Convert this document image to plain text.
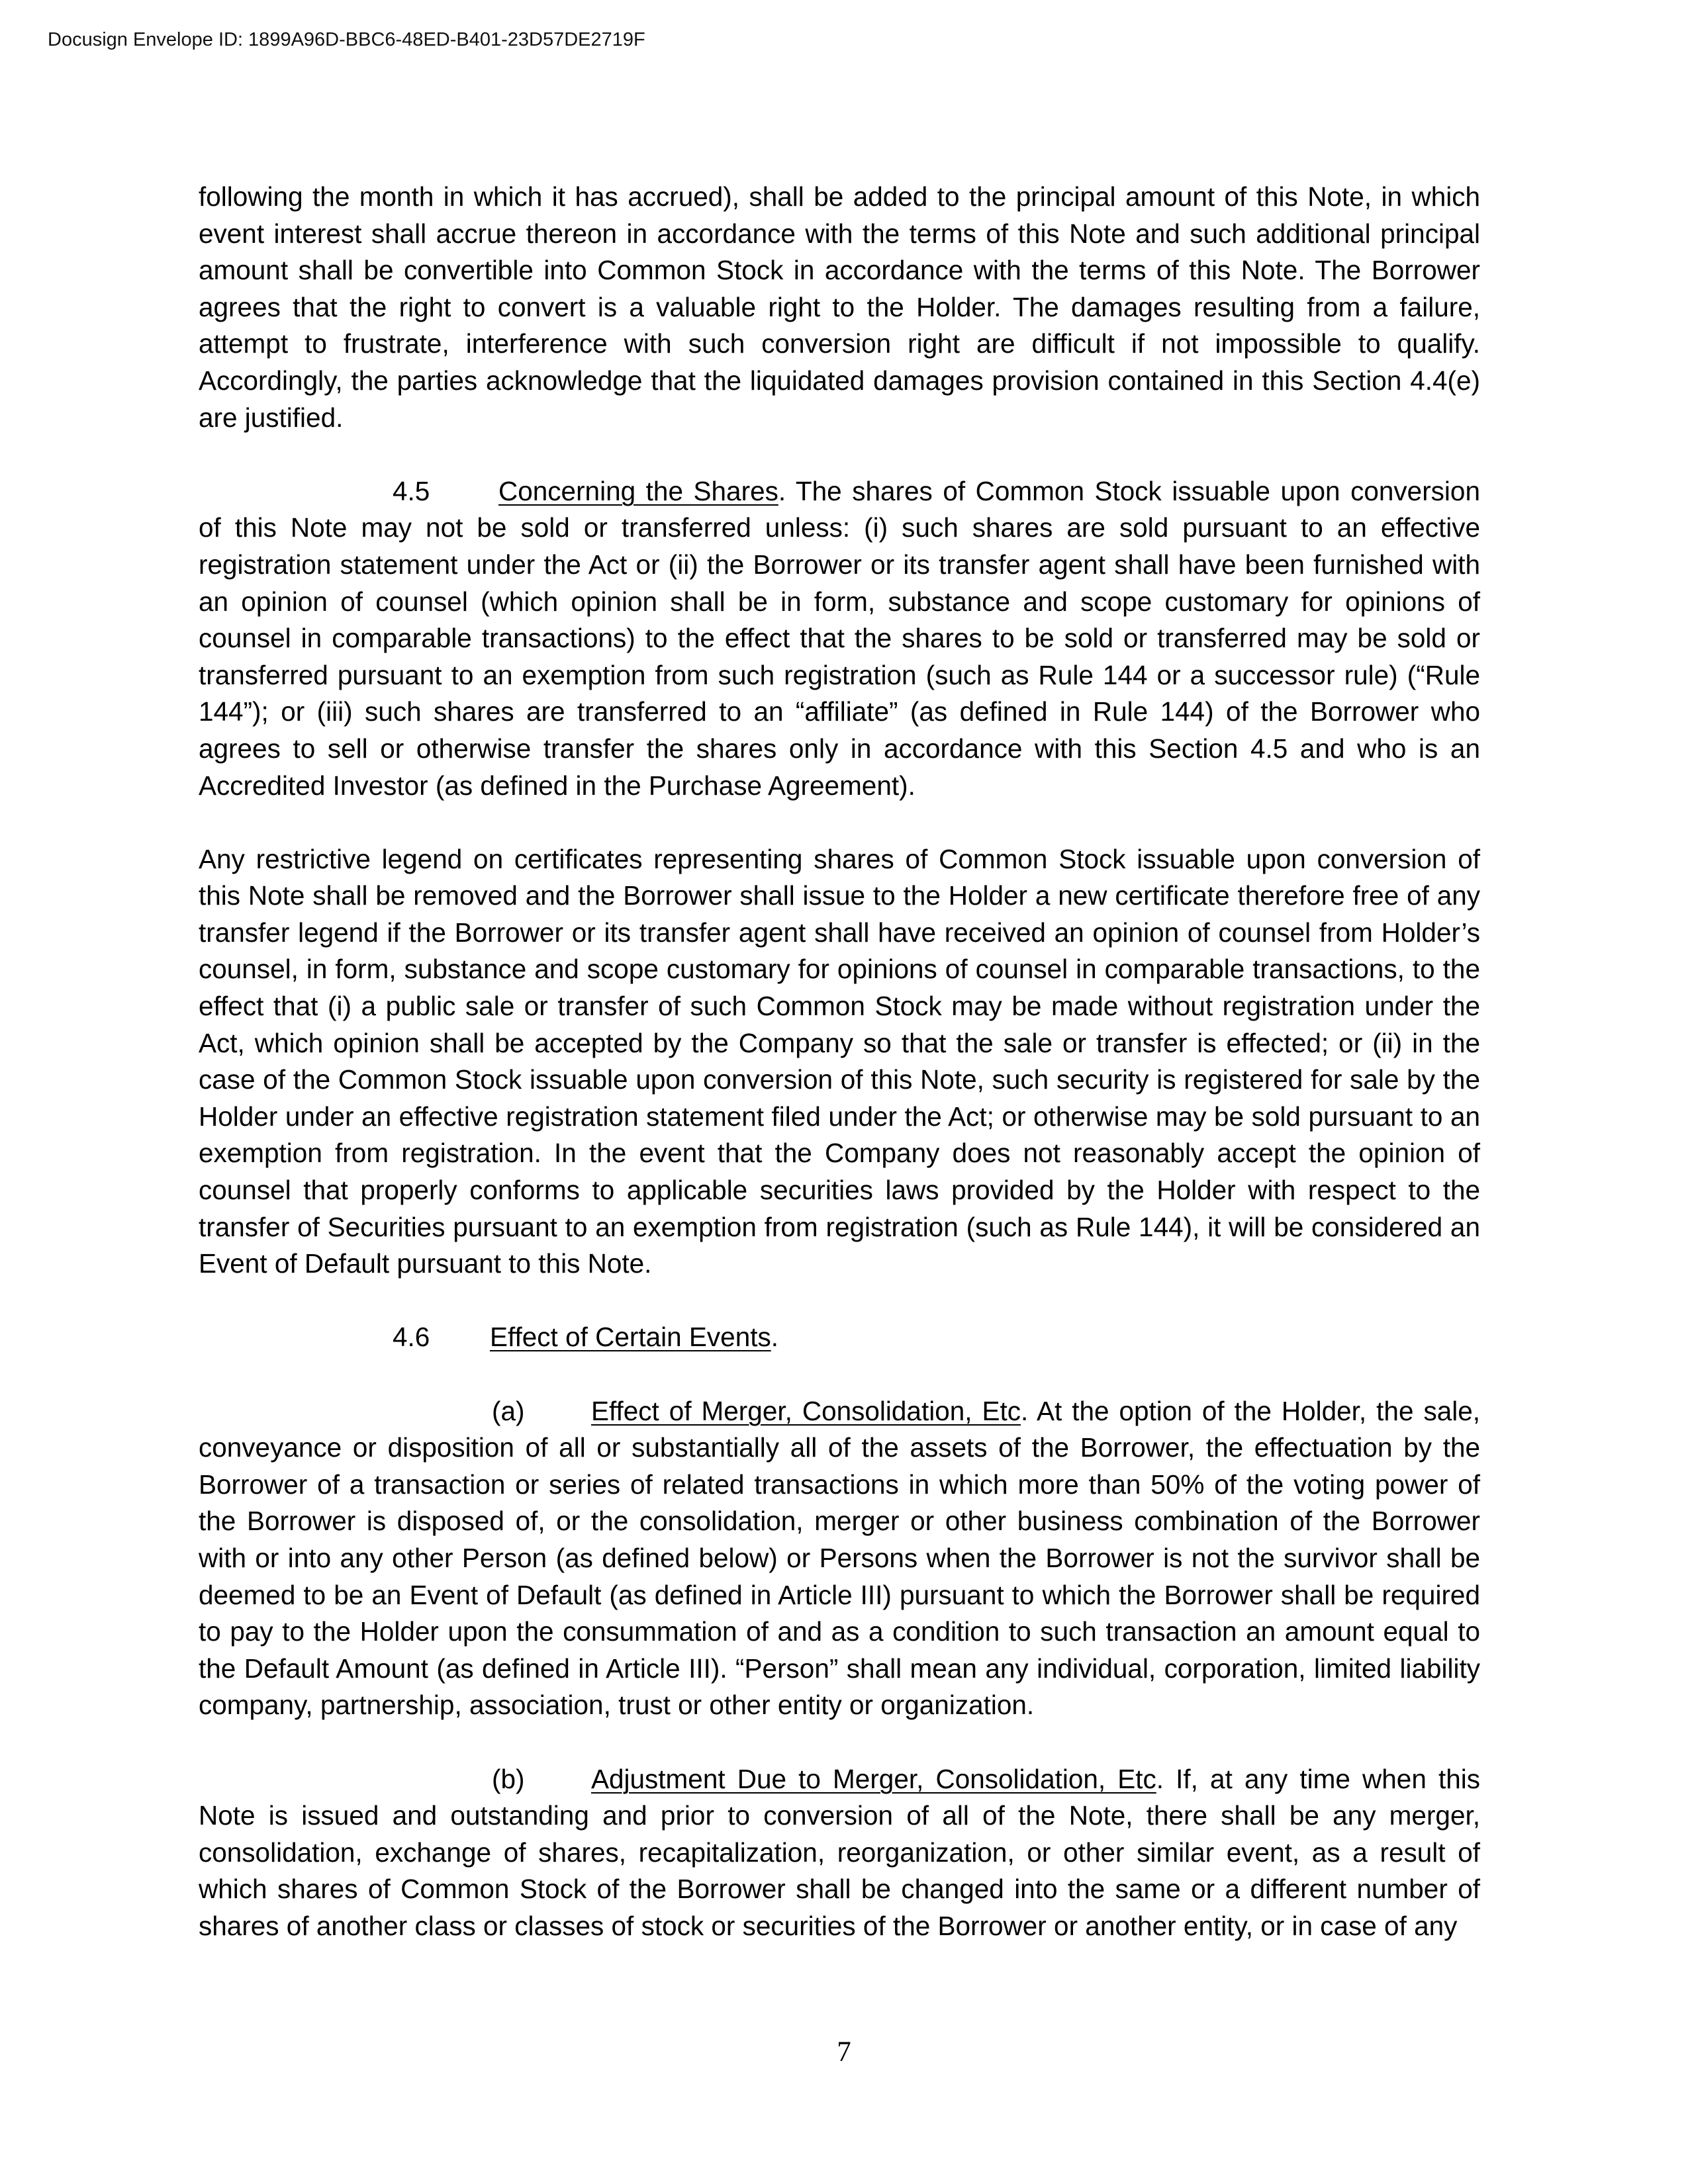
Docusign Envelope ID: 1899A96D-BBC6-48ED-B401-23D57DE2719F

following the month in which it has accrued), shall be added to the principal amount of this Note, in which event interest shall accrue thereon in accordance with the terms of this Note and such additional principal amount shall be convertible into Common Stock in accordance with the terms of this Note. The Borrower agrees that the right to convert is a valuable right to the Holder. The damages resulting from a failure, attempt to frustrate, interference with such conversion right are difficult if not impossible to qualify. Accordingly, the parties acknowledge that the liquidated damages provision contained in this Section 4.4(e) are justified.

4.5	Concerning the Shares. The shares of Common Stock issuable upon conversion of this Note may not be sold or transferred unless: (i) such shares are sold pursuant to an effective registration statement under the Act or (ii) the Borrower or its transfer agent shall have been furnished with an opinion of counsel (which opinion shall be in form, substance and scope customary for opinions of counsel in comparable transactions) to the effect that the shares to be sold or transferred may be sold or transferred pursuant to an exemption from such registration (such as Rule 144 or a successor rule) (“Rule 144”); or (iii) such shares are transferred to an “affiliate” (as defined in Rule 144) of the Borrower who agrees to sell or otherwise transfer the shares only in accordance with this Section 4.5 and who is an Accredited Investor (as defined in the Purchase Agreement).

Any restrictive legend on certificates representing shares of Common Stock issuable upon conversion of this Note shall be removed and the Borrower shall issue to the Holder a new certificate therefore free of any transfer legend if the Borrower or its transfer agent shall have received an opinion of counsel from Holder’s counsel, in form, substance and scope customary for opinions of counsel in comparable transactions, to the effect that (i) a public sale or transfer of such Common Stock may be made without registration under the Act, which opinion shall be accepted by the Company so that the sale or transfer is effected; or (ii) in the case of the Common Stock issuable upon conversion of this Note, such security is registered for sale by the Holder under an effective registration statement filed under the Act; or otherwise may be sold pursuant to an exemption from registration. In the event that the Company does not reasonably accept the opinion of counsel that properly conforms to applicable securities laws provided by the Holder with respect to the transfer of Securities pursuant to an exemption from registration (such as Rule 144), it will be considered an Event of Default pursuant to this Note.

4.6 Effect of Certain Events.

(a) Effect of Merger, Consolidation, Etc. At the option of the Holder, the sale, conveyance or disposition of all or substantially all of the assets of the Borrower, the effectuation by the Borrower of a transaction or series of related transactions in which more than 50% of the voting power of the Borrower is disposed of, or the consolidation, merger or other business combination of the Borrower with or into any other Person (as defined below) or Persons when the Borrower is not the survivor shall be deemed to be an Event of Default (as defined in Article III) pursuant to which the Borrower shall be required to pay to the Holder upon the consummation of and as a condition to such transaction an amount equal to the Default Amount (as defined in Article III). “Person” shall mean any individual, corporation, limited liability company, partnership, association, trust or other entity or organization.

(b) Adjustment Due to Merger, Consolidation, Etc. If, at any time when this Note is issued and outstanding and prior to conversion of all of the Note, there shall be any merger, consolidation, exchange of shares, recapitalization, reorganization, or other similar event, as a result of which shares of Common Stock of the Borrower shall be changed into the same or a different number of shares of another class or classes of stock or securities of the Borrower or another entity, or in case of any

7
